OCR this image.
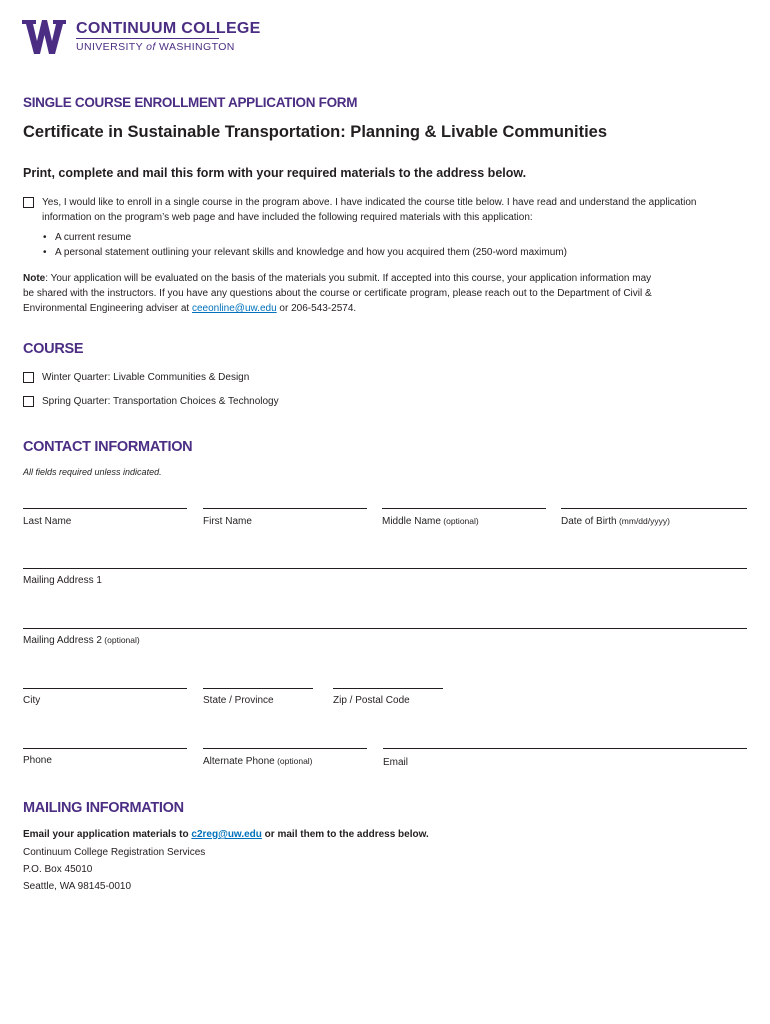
CONTINUUM COLLEGE
UNIVERSITY of WASHINGTON
SINGLE COURSE ENROLLMENT APPLICATION FORM
Certificate in Sustainable Transportation: Planning & Livable Communities
Print, complete and mail this form with your required materials to the address below.
Yes, I would like to enroll in a single course in the program above. I have indicated the course title below. I have read and understand the application
information on the program’s web page and have included the following required materials with this application:
• A current resume
• A personal statement outlining your relevant skills and knowledge and how you acquired them (250-word maximum)
Note: Your application will be evaluated on the basis of the materials you submit. If accepted into this course, your application information may
be shared with the instructors. If you have any questions about the course or certificate program, please reach out to the Department of Civil &
Environmental Engineering adviser at ceeonline@uw.edu or 206-543-2574.
COURSE
Winter Quarter: Livable Communities & Design
Spring Quarter: Transportation Choices & Technology
CONTACT INFORMATION
All fields required unless indicated.
Last Name	First Name	Middle Name (optional)	Date of Birth (mm/dd/yyyy)
Mailing Address 1
Mailing Address 2 (optional)
City	State / Province	Zip / Postal Code
Phone	Alternate Phone (optional)	Email
MAILING INFORMATION
Email your application materials to c2reg@uw.edu or mail them to the address below.
Continuum College Registration Services
P.O. Box 45010
Seattle, WA 98145-0010
